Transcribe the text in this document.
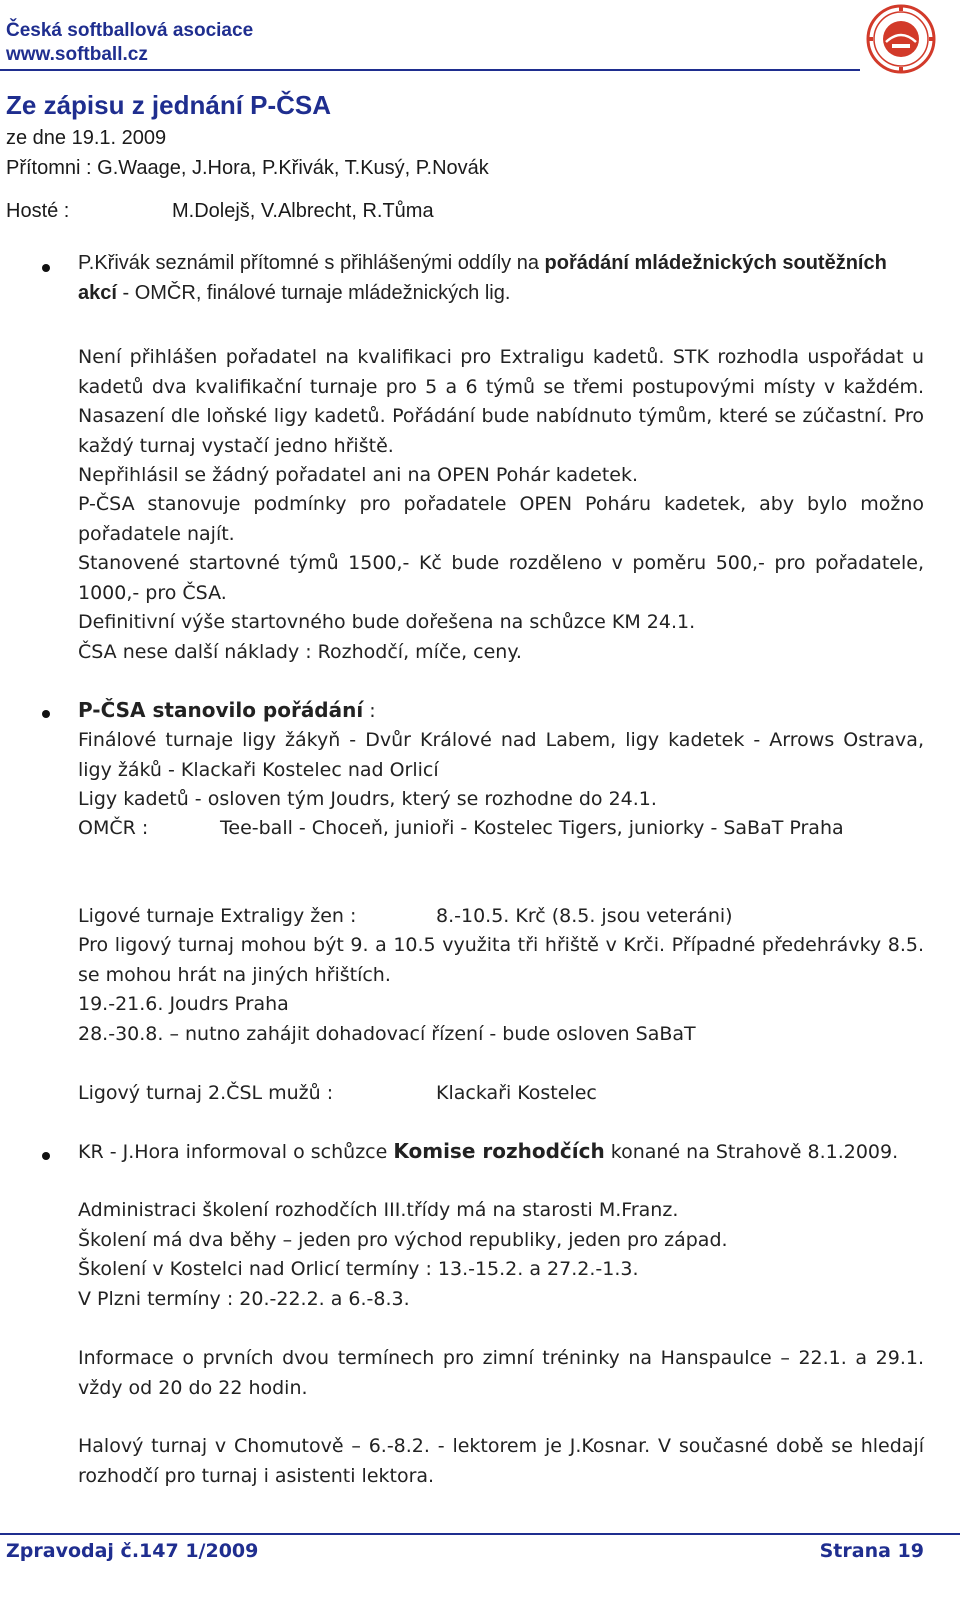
Česká softballová asociace
www.softball.cz
Ze zápisu z jednání P-ČSA
ze dne 19.1. 2009
Přítomni : G.Waage, J.Hora, P.Křivák, T.Kusý, P.Novák
Hosté :	M.Dolejš, V.Albrecht, R.Tůma
P.Křivák seznámil přítomné s přihlášenými oddíly na pořádání mládežnických soutěžních akcí - OMČR, finálové turnaje mládežnických lig.
Není přihlášen pořadatel na kvalifikaci pro Extraligu kadetů. STK rozhodla uspořádat u kadetů dva kvalifikační turnaje pro 5 a 6 týmů se třemi postupovými místy v každém. Nasazení dle loňské ligy kadetů. Pořádání bude nabídnuto týmům, které se zúčastní. Pro každý turnaj vystačí jedno hřiště.
Nepřihlásil se žádný pořadatel ani na OPEN Pohár kadetek.
P-ČSA stanovuje podmínky pro pořadatele OPEN Poháru kadetek, aby bylo možno pořadatele najít.
Stanovené startovné týmů 1500,- Kč bude rozděleno v poměru 500,- pro pořadatele, 1000,- pro ČSA.
Definitivní výše startovného bude dořešena na schůzce KM 24.1.
ČSA nese další náklady : Rozhodčí, míče, ceny.
P-ČSA stanovilo pořádání :
Finálové turnaje ligy žákyň - Dvůr Králové nad Labem, ligy kadetek - Arrows Ostrava, ligy žáků - Klackaři Kostelec nad Orlicí
Ligy kadetů - osloven tým Joudrs, který se rozhodne do 24.1.
OMČR :	Tee-ball - Choceň, junioři - Kostelec Tigers, juniorky - SaBaT Praha
Ligové turnaje Extraligy žen :	8.-10.5. Krč (8.5. jsou veteráni)
Pro ligový turnaj mohou být 9. a 10.5 využita tři hřiště v Krči. Případné předehrávky 8.5. se mohou hrát na jiných hřištích.
19.-21.6. Joudrs Praha
28.-30.8. – nutno zahájit dohadovací řízení - bude osloven SaBaT
Ligový turnaj 2.ČSL mužů :	Klackaři Kostelec
KR - J.Hora informoval o schůzce Komise rozhodčích konané na Strahově 8.1.2009.
Administraci školení rozhodčích III.třídy má na starosti M.Franz.
Školení má dva běhy – jeden pro východ republiky, jeden pro západ.
Školení v Kostelci nad Orlicí termíny : 13.-15.2. a 27.2.-1.3.
V Plzni termíny : 20.-22.2. a 6.-8.3.
Informace o prvních dvou termínech pro zimní tréninky na Hanspaulce – 22.1. a 29.1. vždy od 20 do 22 hodin.
Halový turnaj v Chomutově – 6.-8.2. - lektorem je J.Kosnar. V současné době se hledají rozhodčí pro turnaj i asistenti lektora.
Zpravodaj č.147 1/2009	Strana 19
